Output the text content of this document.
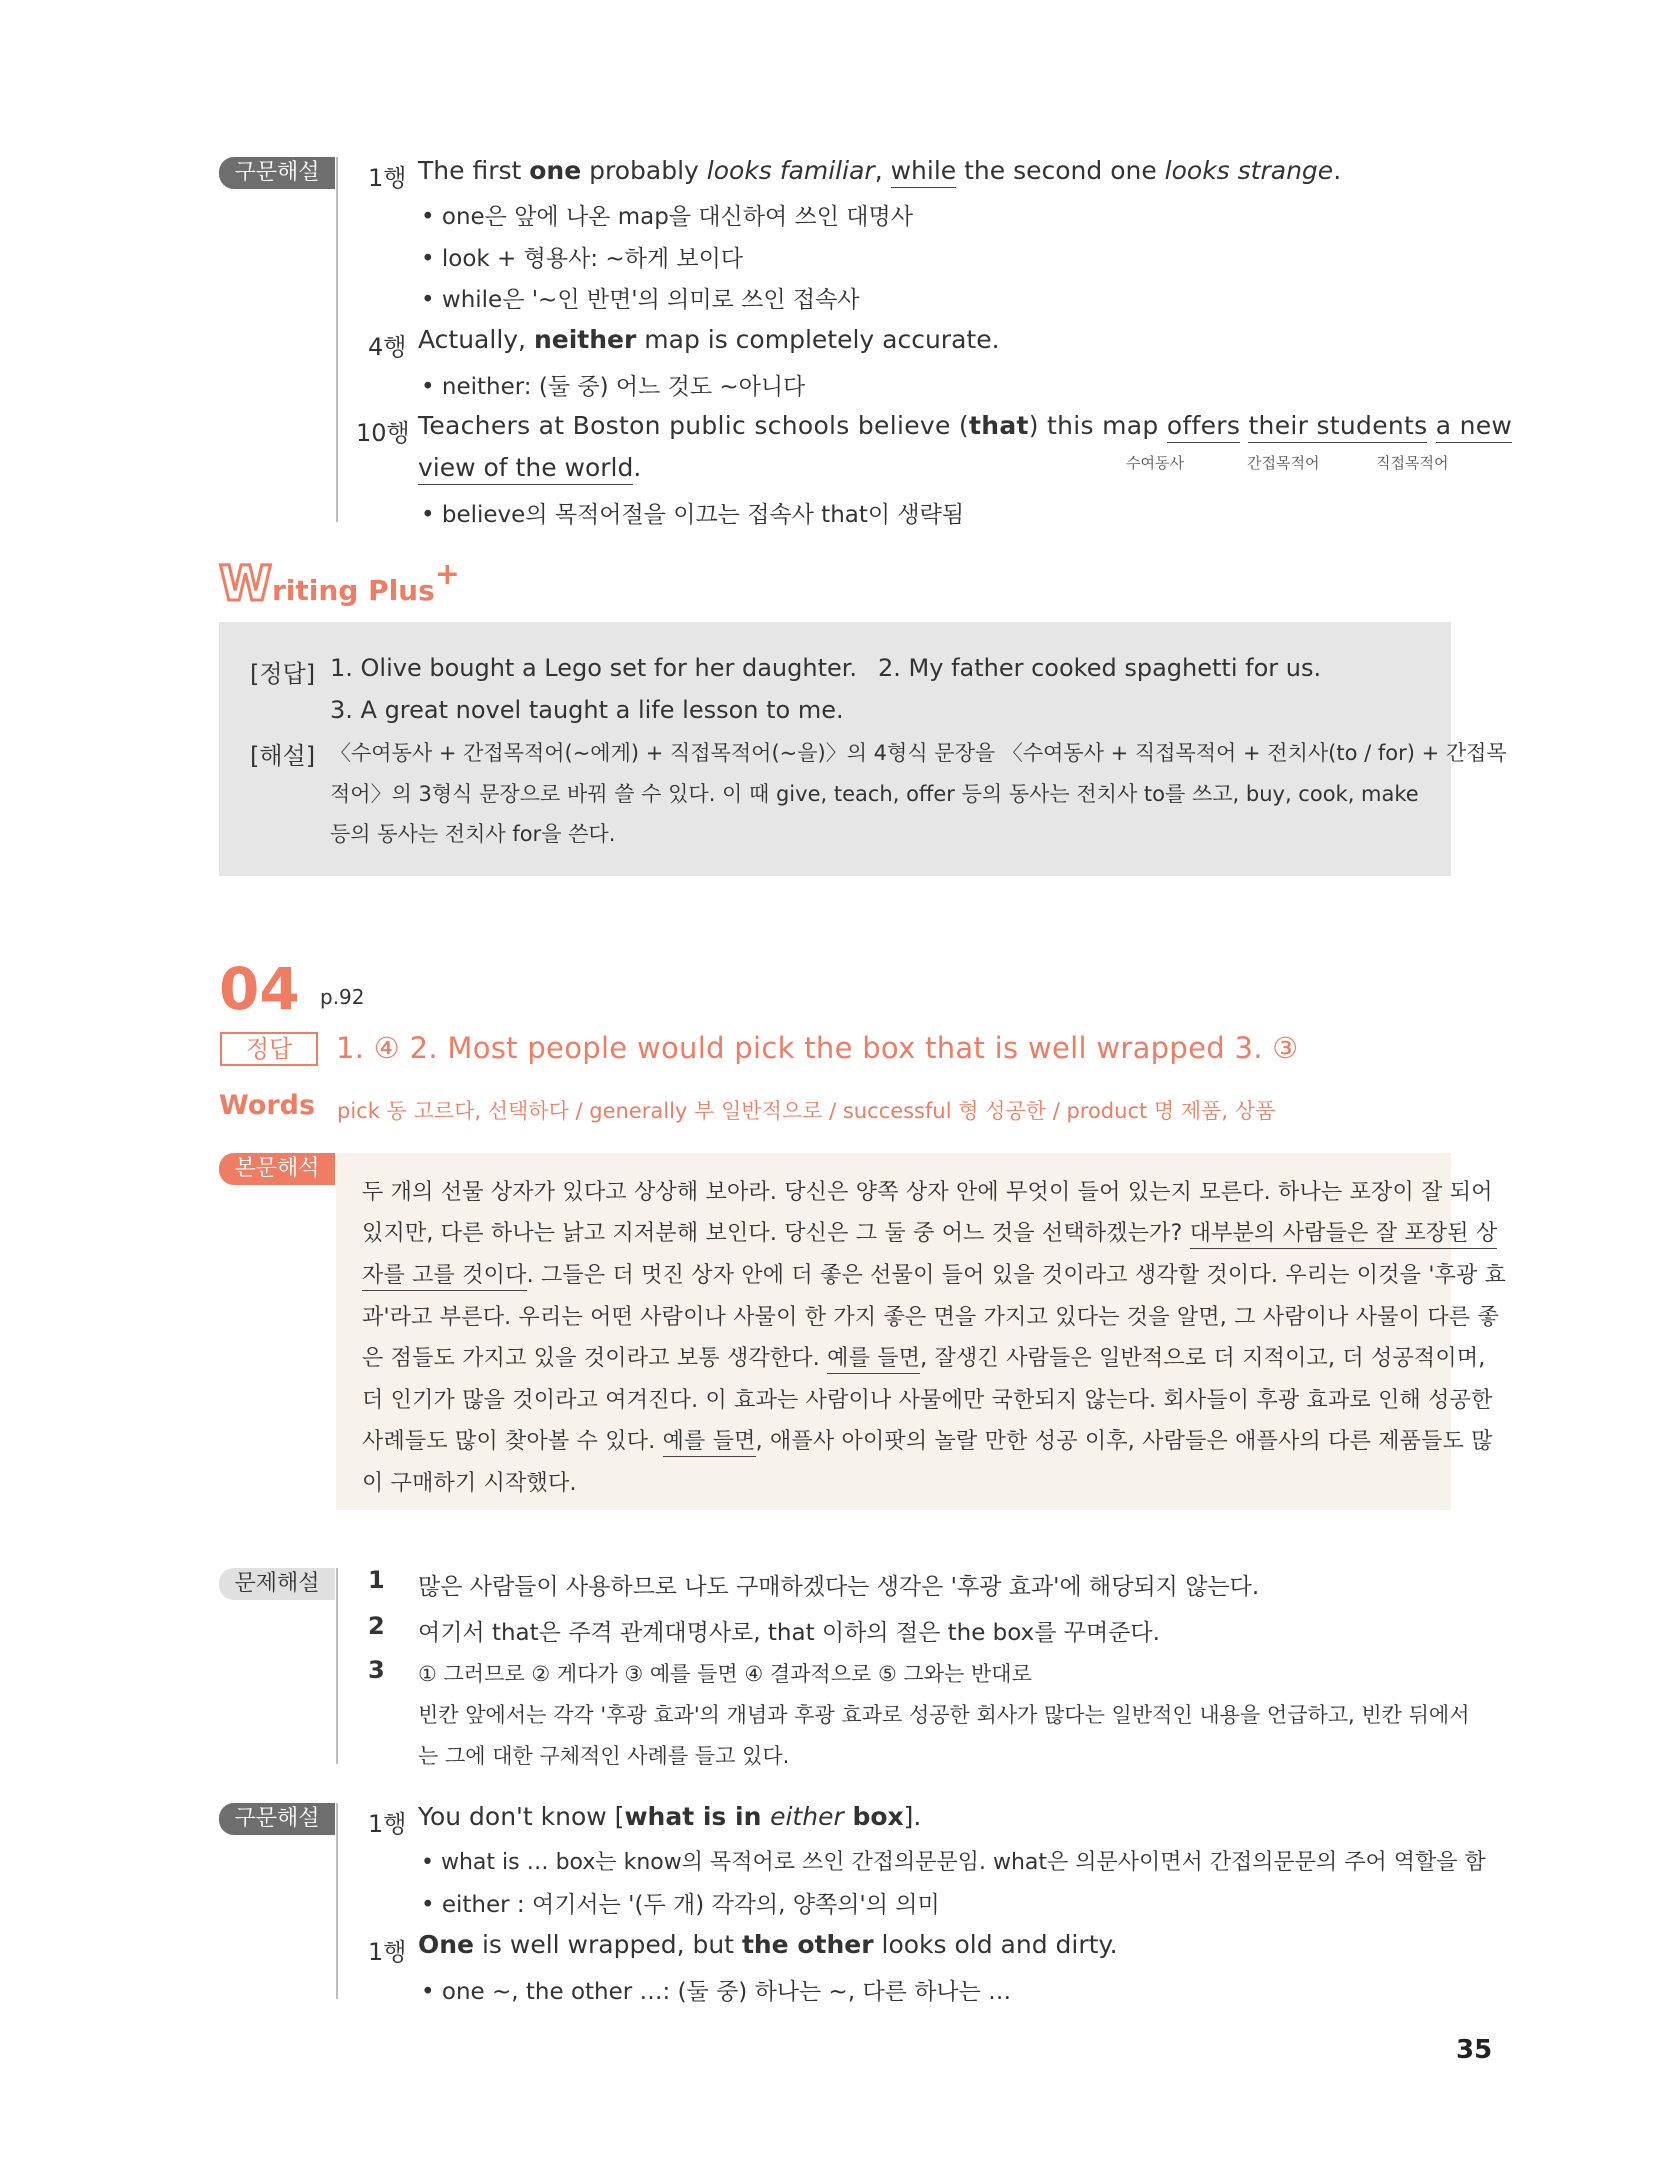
구문해설	1행 The first one probably looks familiar, while the second one looks strange.
• one은 앞에 나온 map을 대신하여 쓰인 대명사
• look + 형용사: ~하게 보이다
• while은 '~인 반면'의 의미로 쓰인 접속사
4행 Actually, neither map is completely accurate.
• neither: (둘 중) 어느 것도 ~아니다
10행 Teachers at Boston public schools believe (that) this map offers their students a new
view of the world.	수여동사	간접목적어	직접목적어
• believe의 목적어절을 이끄는 접속사 that이 생략됨
Writing Plus+
[정답] 1. Olive bought a Lego set for her daughter. 2. My father cooked spaghetti for us.
3. A great novel taught a life lesson to me.
[해설] 〈수여동사 + 간접목적어(~에게) + 직접목적어(~을)〉의 4형식 문장을 〈수여동사 + 직접목적어 + 전치사(to / for) + 간접목
적어〉의 3형식 문장으로 바꿔 쓸 수 있다. 이 때 give, teach, offer 등의 동사는 전치사 to를 쓰고, buy, cook, make
등의 동사는 전치사 for을 쓴다.
04 p.92
정답	1. ④ 2. Most people would pick the box that is well wrapped 3. ③
Words pick 동 고르다, 선택하다 / generally 부 일반적으로 / successful 형 성공한 / product 명 제품, 상품
본문해석
두 개의 선물 상자가 있다고 상상해 보아라. 당신은 양쪽 상자 안에 무엇이 들어 있는지 모른다. 하나는 포장이 잘 되어
있지만, 다른 하나는 낡고 지저분해 보인다. 당신은 그 둘 중 어느 것을 선택하겠는가? 대부분의 사람들은 잘 포장된 상
자를 고를 것이다. 그들은 더 멋진 상자 안에 더 좋은 선물이 들어 있을 것이라고 생각할 것이다. 우리는 이것을 '후광 효
과'라고 부른다. 우리는 어떤 사람이나 사물이 한 가지 좋은 면을 가지고 있다는 것을 알면, 그 사람이나 사물이 다른 좋
은 점들도 가지고 있을 것이라고 보통 생각한다. 예를 들면, 잘생긴 사람들은 일반적으로 더 지적이고, 더 성공적이며,
더 인기가 많을 것이라고 여겨진다. 이 효과는 사람이나 사물에만 국한되지 않는다. 회사들이 후광 효과로 인해 성공한
사례들도 많이 찾아볼 수 있다. 예를 들면, 애플사 아이팟의 놀랄 만한 성공 이후, 사람들은 애플사의 다른 제품들도 많
이 구매하기 시작했다.
문제해설	1 많은 사람들이 사용하므로 나도 구매하겠다는 생각은 '후광 효과'에 해당되지 않는다.
2 여기서 that은 주격 관계대명사로, that 이하의 절은 the box를 꾸며준다.
3 ① 그러므로 ② 게다가 ③ 예를 들면 ④ 결과적으로 ⑤ 그와는 반대로
빈칸 앞에서는 각각 '후광 효과'의 개념과 후광 효과로 성공한 회사가 많다는 일반적인 내용을 언급하고, 빈칸 뒤에서
는 그에 대한 구체적인 사례를 들고 있다.
구문해설	1행 You don't know [what is in either box].
• what is … box는 know의 목적어로 쓰인 간접의문문임. what은 의문사이면서 간접의문문의 주어 역할을 함
• either : 여기서는 '(두 개) 각각의, 양쪽의'의 의미
1행 One is well wrapped, but the other looks old and dirty.
• one ~, the other …: (둘 중) 하나는 ~, 다른 하나는 …
35
